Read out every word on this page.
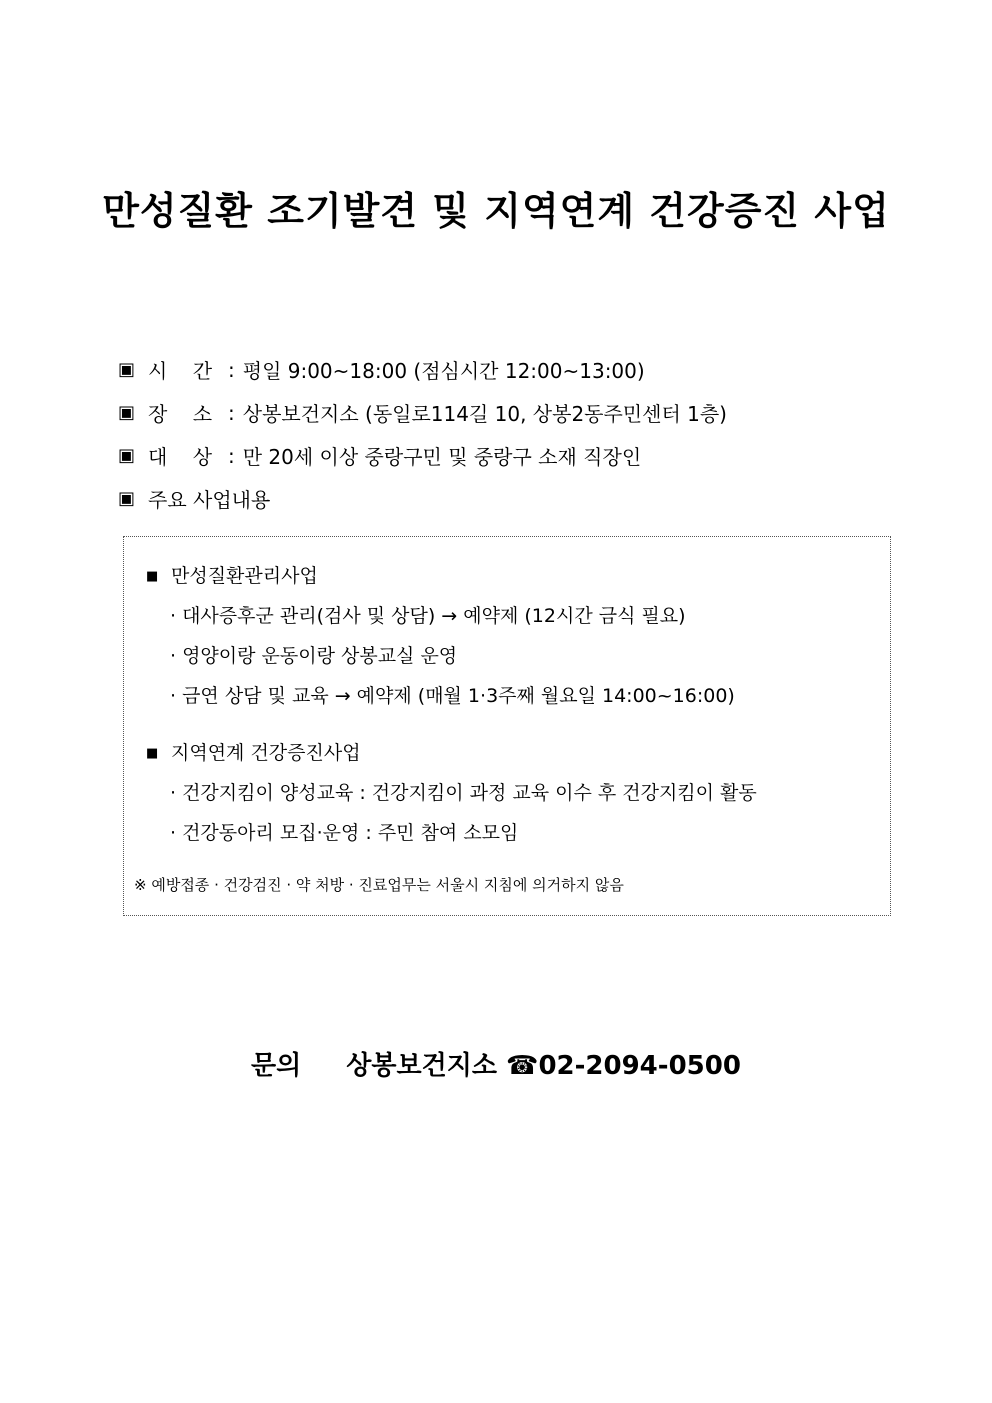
만성질환 조기발견 및 지역연계 건강증진 사업
▣ 시    간 : 평일 9:00~18:00 (점심시간 12:00~13:00)
▣ 장    소 : 상봉보건지소 (동일로114길 10, 상봉2동주민센터 1층)
▣ 대    상 : 만 20세 이상 중랑구민 및 중랑구 소재 직장인
▣ 주요 사업내용
■ 만성질환관리사업
· 대사증후군 관리(검사 및 상담) → 예약제 (12시간 금식 필요)
· 영양이랑 운동이랑 상봉교실 운영
· 금연 상담 및 교육 → 예약제 (매월 1·3주째 월요일 14:00~16:00)
■ 지역연계 건강증진사업
· 건강지킴이 양성교육 : 건강지킴이 과정 교육 이수 후 건강지킴이 활동
· 건강동아리 모집·운영 : 주민 참여 소모임
※ 예방접종 · 건강검진 · 약 처방 · 진료업무는 서울시 지침에 의거하지 않음
문의 상봉보건지소 ☎02-2094-0500
